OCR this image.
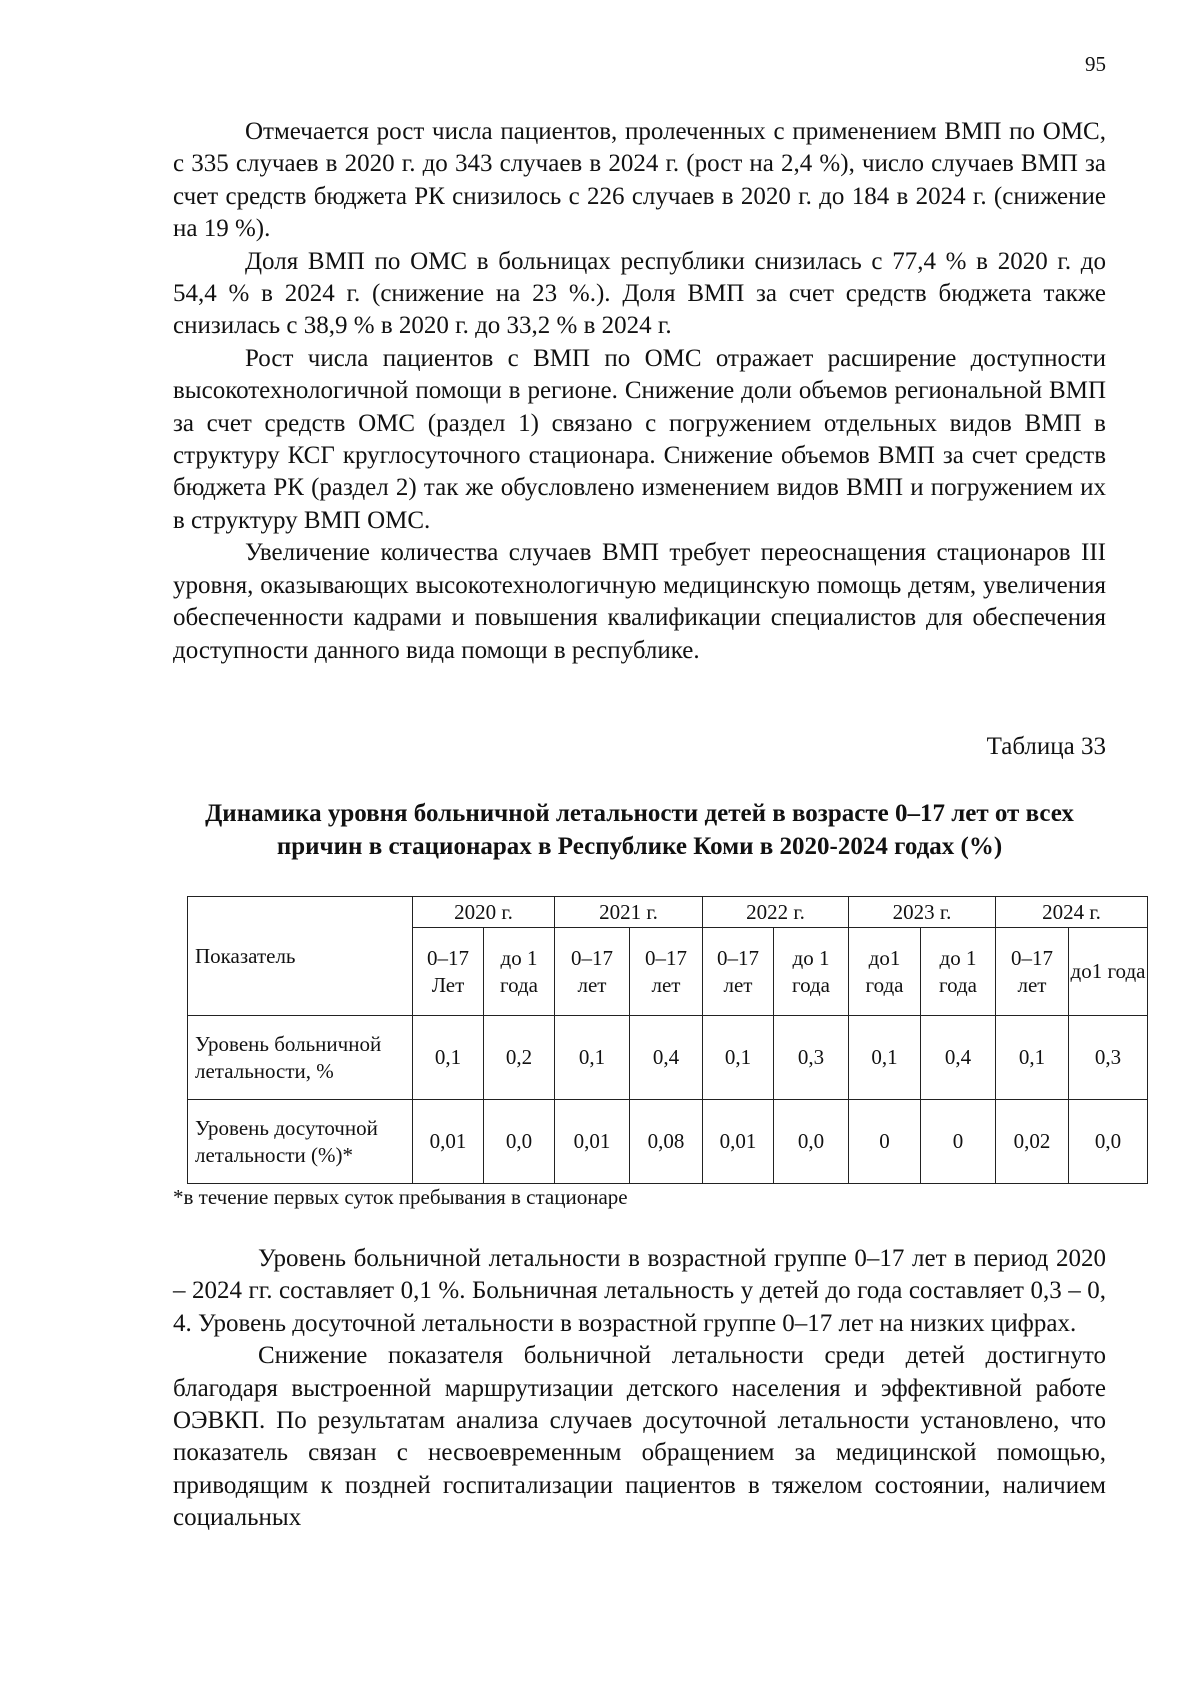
95

Отмечается рост числа пациентов, пролеченных с применением ВМП по ОМС, с 335 случаев в 2020 г. до 343 случаев в 2024 г. (рост на 2,4 %), число случаев ВМП за счет средств бюджета РК снизилось с 226 случаев в 2020 г. до 184 в 2024 г. (снижение на 19 %).

Доля ВМП по ОМС в больницах республики снизилась с 77,4 % в 2020 г. до 54,4 % в 2024 г. (снижение на 23 %.). Доля ВМП за счет средств бюджета также снизилась с 38,9 % в 2020 г. до 33,2 % в 2024 г.

Рост числа пациентов с ВМП по ОМС отражает расширение доступности высокотехнологичной помощи в регионе. Снижение доли объемов региональной ВМП за счет средств ОМС (раздел 1) связано с погружением отдельных видов ВМП в структуру КСГ круглосуточного стационара. Снижение объемов ВМП за счет средств бюджета РК (раздел 2) так же обусловлено изменением видов ВМП и погружением их в структуру ВМП ОМС.

Увеличение количества случаев ВМП требует переоснащения стационаров III уровня, оказывающих высокотехнологичную медицинскую помощь детям, увеличения обеспеченности кадрами и повышения квалификации специалистов для обеспечения доступности данного вида помощи в республике.

Таблица 33

Динамика уровня больничной летальности детей в возрасте 0–17 лет от всех причин в стационарах в Республике Коми в 2020-2024 годах (%)
Показатель	2020 г.		2021 г.		2022 г.		2023 г.		2024 г.	
	0–17 Лет	до 1 года	0–17 лет	0–17 лет	0–17 лет	до 1 года	до1 года	до 1 года	0–17 лет	до1 года
Уровень больничной летальности, %	0,1	0,2	0,1	0,4	0,1	0,3	0,1	0,4	0,1	0,3
Уровень досуточной летальности (%)*	0,01	0,0	0,01	0,08	0,01	0,0	0	0	0,02	0,0

*в течение первых суток пребывания в стационаре

Уровень больничной летальности в возрастной группе 0–17 лет в период 2020 – 2024 гг. составляет 0,1 %. Больничная летальность у детей до года составляет 0,3 – 0, 4. Уровень досуточной летальности в возрастной группе 0–17 лет на низких цифрах.

Снижение показателя больничной летальности среди детей достигнуто благодаря выстроенной маршрутизации детского населения и эффективной работе ОЭВКП. По результатам анализа случаев досуточной летальности установлено, что показатель связан с несвоевременным обращением за медицинской помощью, приводящим к поздней госпитализации пациентов в тяжелом состоянии, наличием социальных
